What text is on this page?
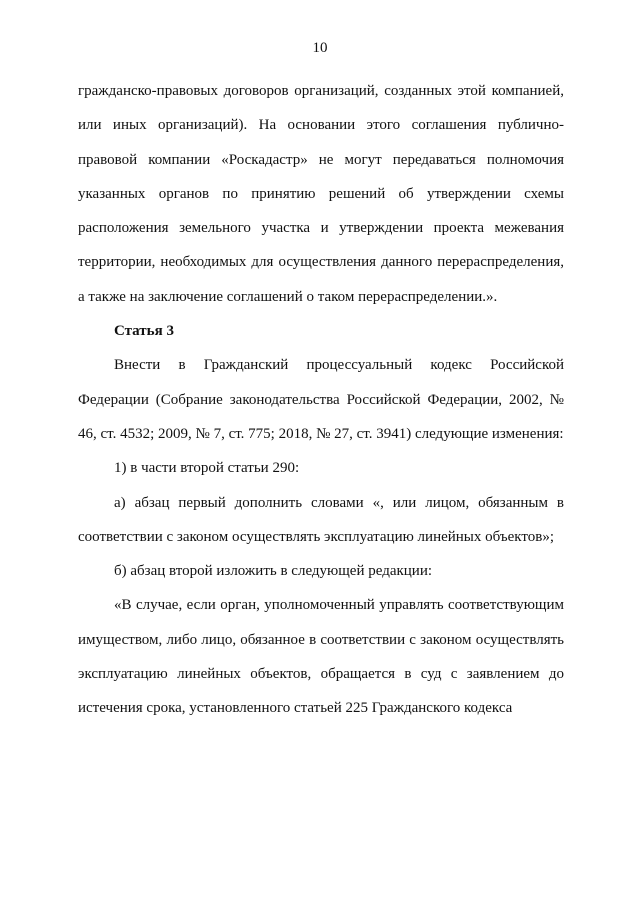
10

гражданско-правовых договоров организаций, созданных этой компанией, или иных организаций). На основании этого соглашения публично-правовой компании «Роскадастр» не могут передаваться полномочия указанных органов по принятию решений об утверждении схемы расположения земельного участка и утверждении проекта межевания территории, необходимых для осуществления данного перераспределения, а также на заключение соглашений о таком перераспределении.».

Статья 3

Внести в Гражданский процессуальный кодекс Российской Федерации (Собрание законодательства Российской Федерации, 2002, № 46, ст. 4532; 2009, № 7, ст. 775; 2018, № 27, ст. 3941) следующие изменения:

1) в части второй статьи 290:

а) абзац первый дополнить словами «, или лицом, обязанным в соответствии с законом осуществлять эксплуатацию линейных объектов»;

б) абзац второй изложить в следующей редакции:

«В случае, если орган, уполномоченный управлять соответствующим имуществом, либо лицо, обязанное в соответствии с законом осуществлять эксплуатацию линейных объектов, обращается в суд с заявлением до истечения срока, установленного статьей 225 Гражданского кодекса
